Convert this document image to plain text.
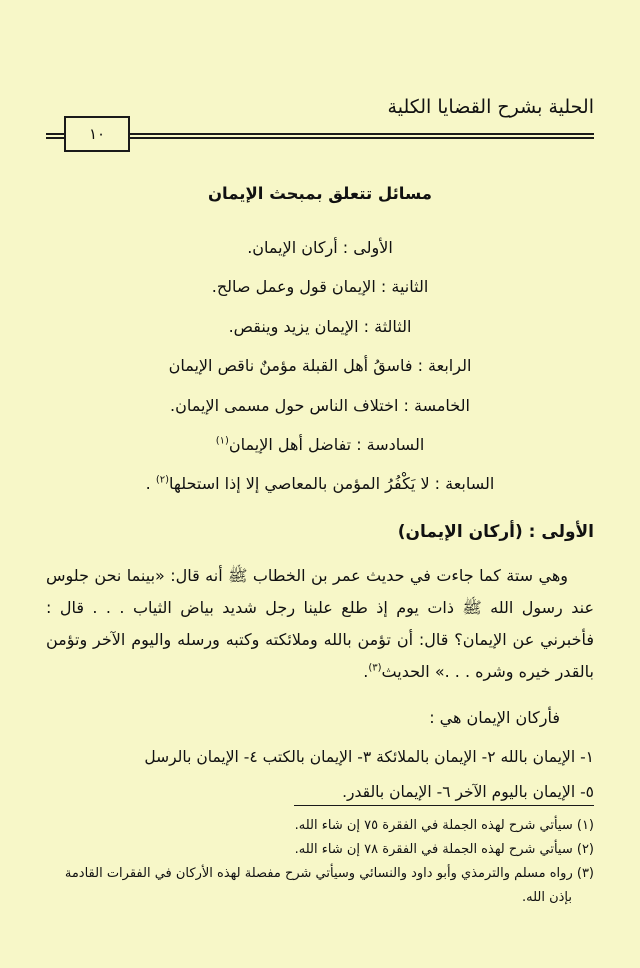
الحلية بشرح القضايا الكلية
١٠
مسائل تتعلق بمبحث الإيمان

الأولى : أركان الإيمان.

الثانية : الإيمان قول وعمل صالح.

الثالثة : الإيمان يزيد وينقص.

الرابعة : فاسقُ أهل القبلة مؤمنٌ ناقص الإيمان

الخامسة : اختلاف الناس حول مسمى الإيمان.

السادسة : تفاضل أهل الإيمان$^{(١)}$

السابعة : لا يَكْفُرُ المؤمن بالمعاصي إلا إذا استحلها$^{(٢)}$ .

الأولى : (أركان الإيمان)

وهي ستة كما جاءت في حديث عمر بن الخطاب ﷺ أنه قال: «بينما نحن جلوس عند رسول الله ﷺ ذات يوم إذ طلع علينا رجل شديد بياض الثياب . . . قال : فأخبرني عن الإيمان؟ قال: أن تؤمن بالله وملائكته وكتبه ورسله واليوم الآخر وتؤمن بالقدر خيره وشره . . .» الحديث$^{(٣)}$.

فأركان الإيمان هي :

١- الإيمان بالله ٢- الإيمان بالملائكة ٣- الإيمان بالكتب ٤- الإيمان بالرسل

٥- الإيمان باليوم الآخر ٦- الإيمان بالقدر.

(١) سيأتي شرح لهذه الجملة في الفقرة ٧٥ إن شاء الله.

(٢) سيأتي شرح لهذه الجملة في الفقرة ٧٨ إن شاء الله.

(٣) رواه مسلم والترمذي وأبو داود والنسائي وسيأتي شرح مفصلة لهذه الأركان في الفقرات القادمة

بإذن الله.
